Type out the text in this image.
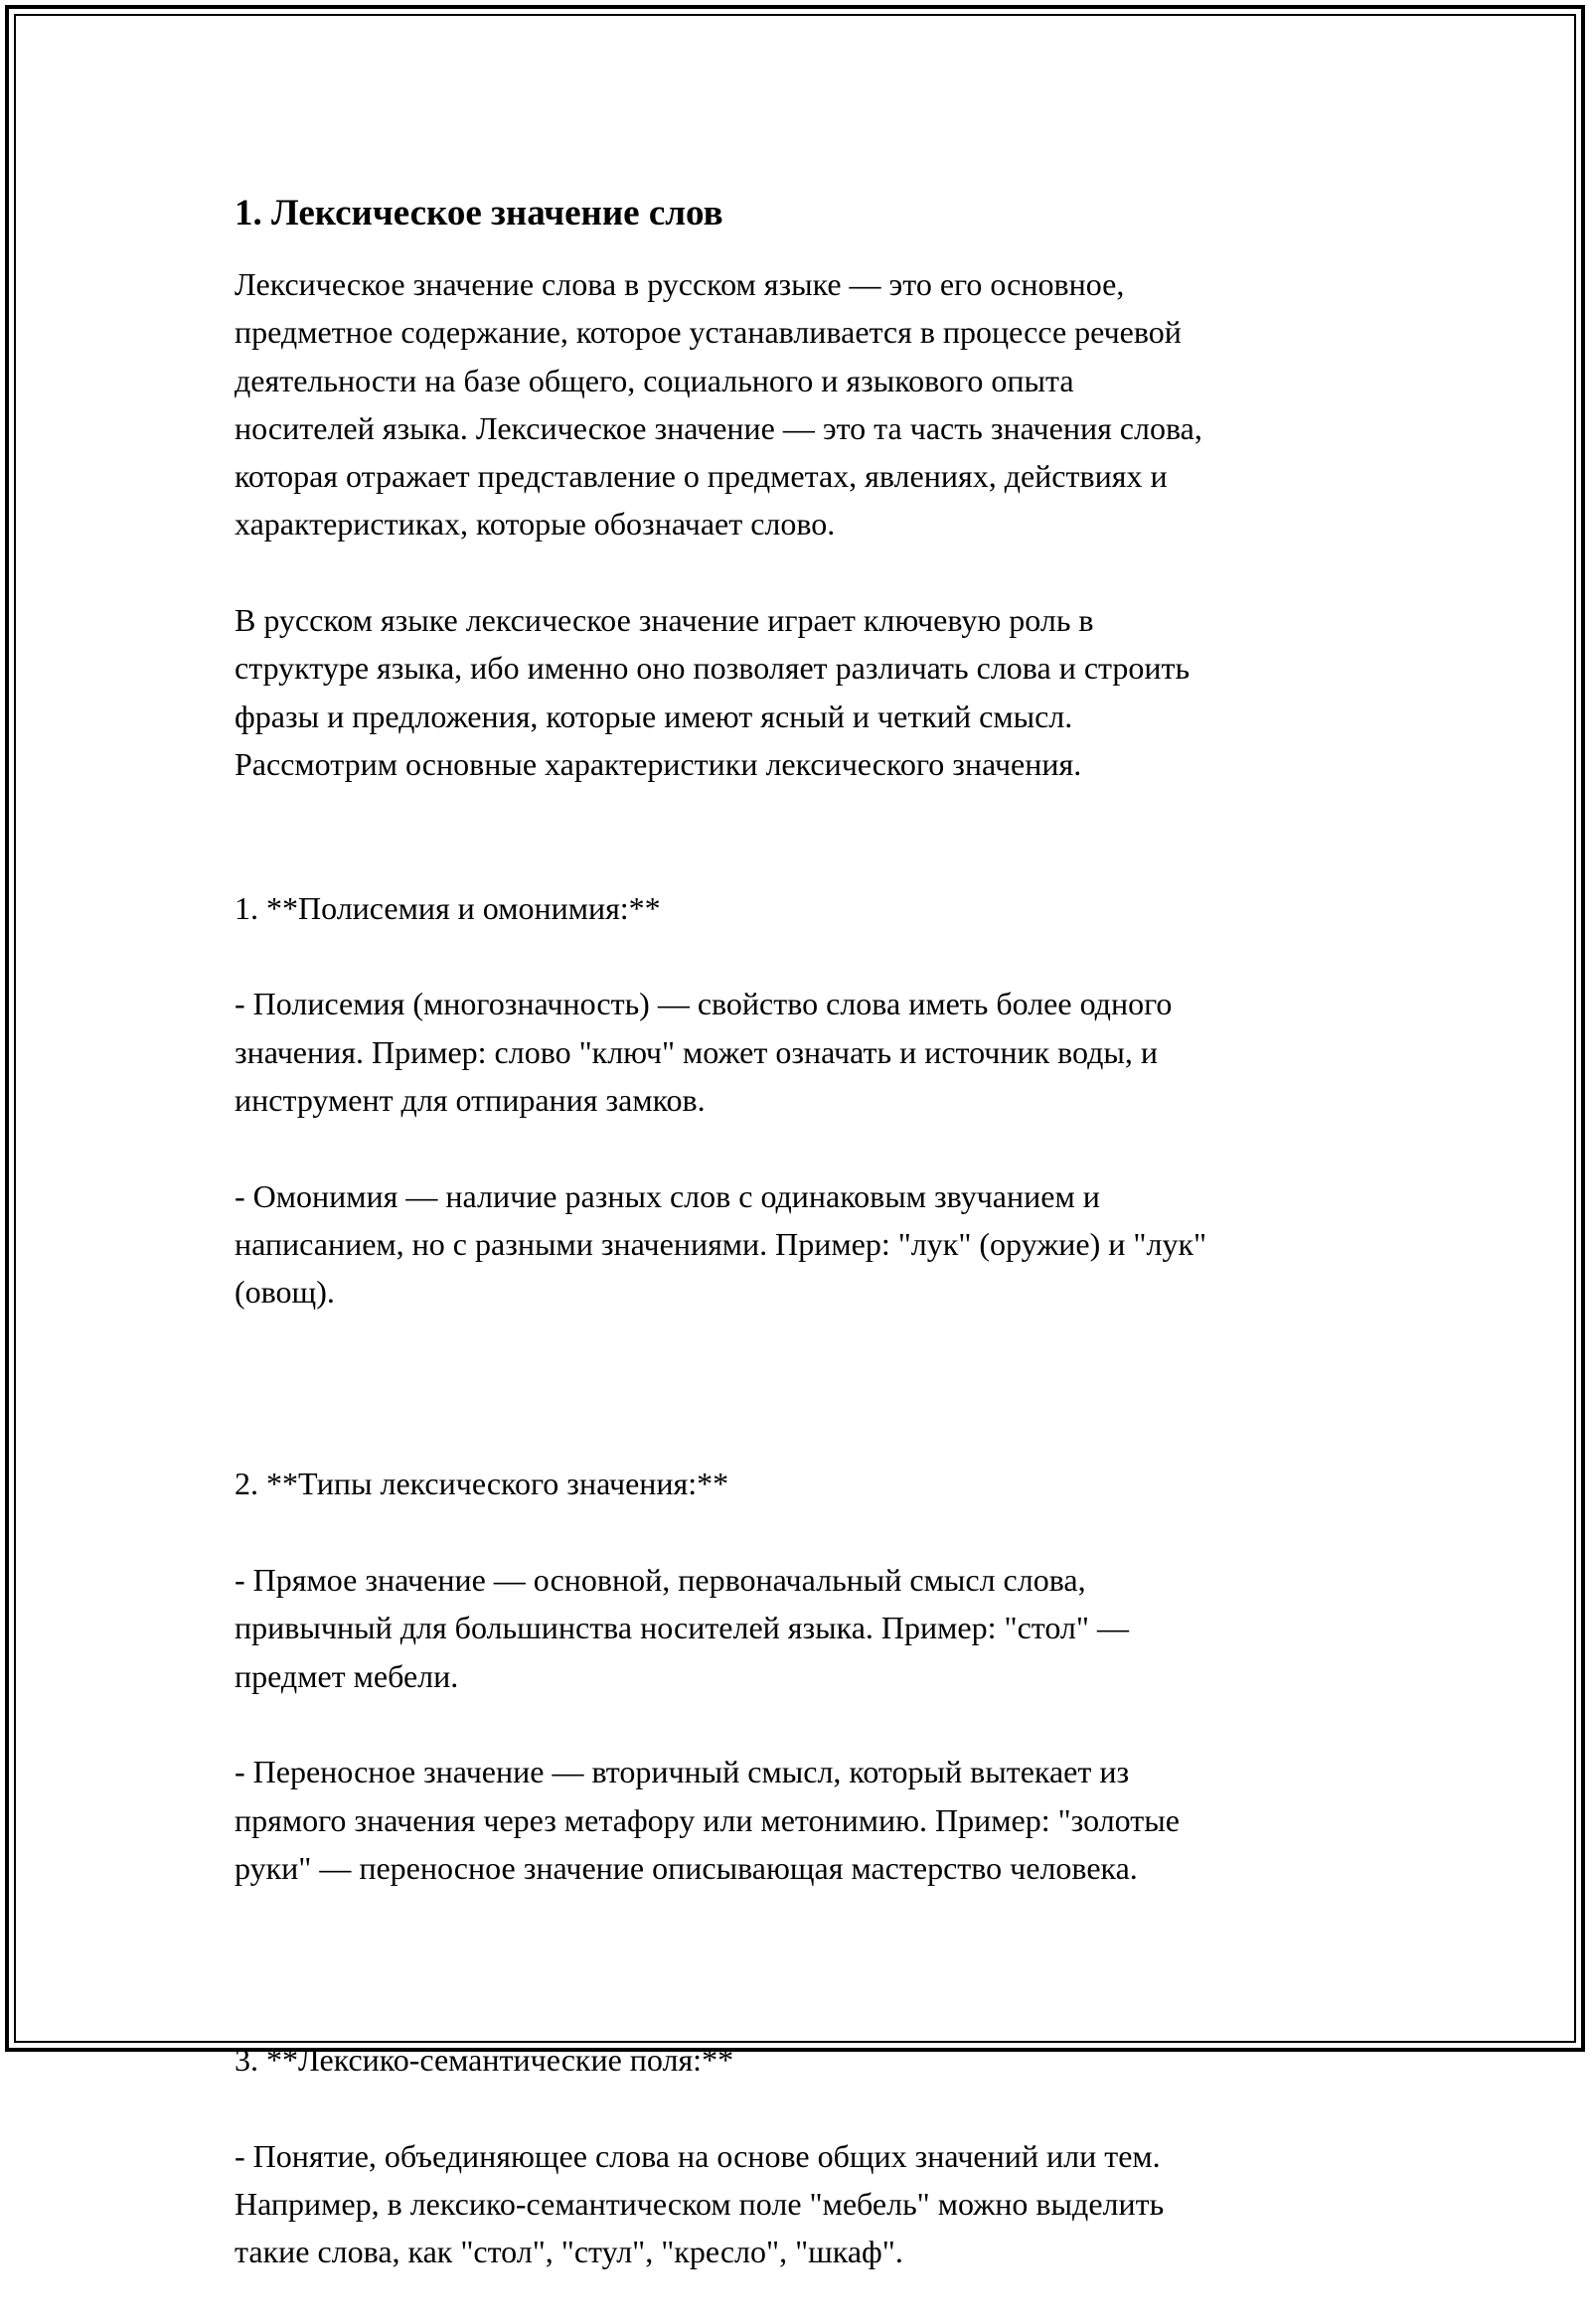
1. Лексическое значение слов

Лексическое значение слова в русском языке — это его основное,
предметное содержание, которое устанавливается в процессе речевой
деятельности на базе общего, социального и языкового опыта
носителей языка. Лексическое значение — это та часть значения слова,
которая отражает представление о предметах, явлениях, действиях и
характеристиках, которые обозначает слово.

В русском языке лексическое значение играет ключевую роль в
структуре языка, ибо именно оно позволяет различать слова и строить
фразы и предложения, которые имеют ясный и четкий смысл.
Рассмотрим основные характеристики лексического значения.

1. **Полисемия и омонимия:**

- Полисемия (многозначность) — свойство слова иметь более одного
значения. Пример: слово "ключ" может означать и источник воды, и
инструмент для отпирания замков.

- Омонимия — наличие разных слов с одинаковым звучанием и
написанием, но с разными значениями. Пример: "лук" (оружие) и "лук"
(овощ).

2. **Типы лексического значения:**

- Прямое значение — основной, первоначальный смысл слова,
привычный для большинства носителей языка. Пример: "стол" —
предмет мебели.

- Переносное значение — вторичный смысл, который вытекает из
прямого значения через метафору или метонимию. Пример: "золотые
руки" — переносное значение описывающая мастерство человека.

3. **Лексико-семантические поля:**

- Понятие, объединяющее слова на основе общих значений или тем.
Например, в лексико-семантическом поле "мебель" можно выделить
такие слова, как "стол", "стул", "кресло", "шкаф".
